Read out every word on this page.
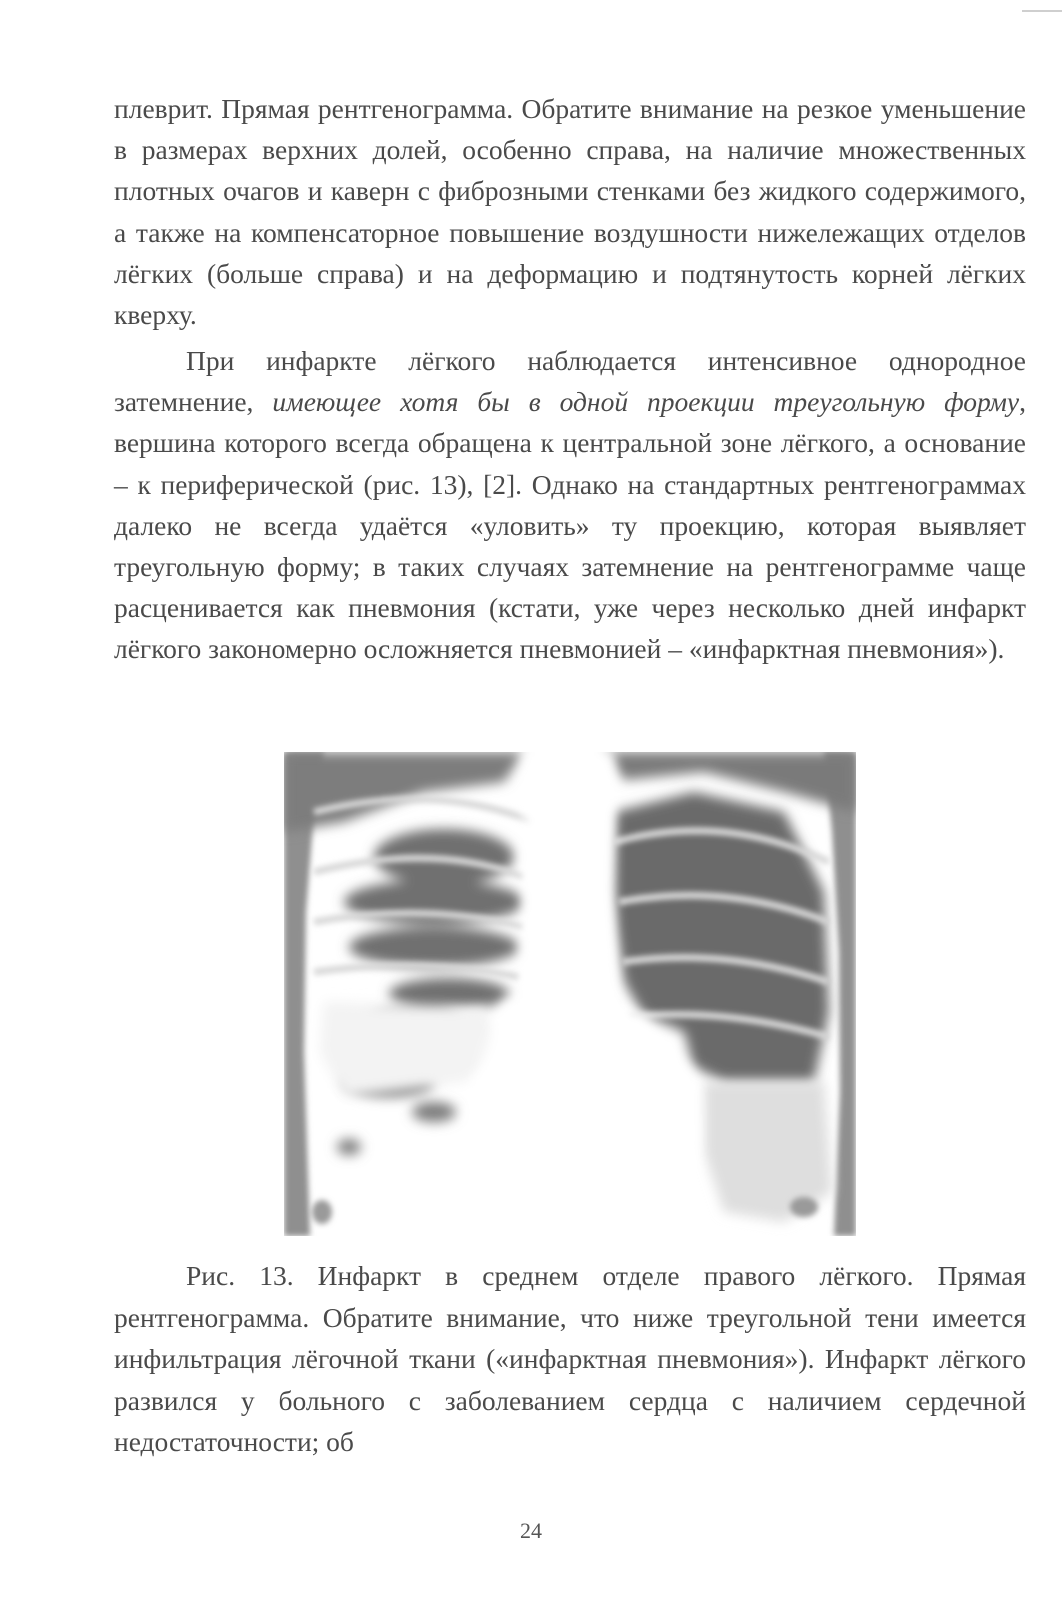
плеврит. Прямая рентгенограмма. Обратите внимание на резкое уменьшение в размерах верхних долей, особенно справа, на наличие множественных плотных очагов и каверн с фиброзными стенками без жидкого содержимого, а также на компенсаторное повышение воздушности нижележащих отделов лёгких (больше справа) и на деформацию и подтянутость корней лёгких кверху.
При инфаркте лёгкого наблюдается интенсивное однородное затемнение, имеющее хотя бы в одной проекции треугольную форму, вершина которого всегда обращена к центральной зоне лёгкого, а основание – к периферической (рис. 13), [2]. Однако на стандартных рентгенограммах далеко не всегда удаётся «уловить» ту проекцию, которая выявляет треугольную форму; в таких случаях затемнение на рентгенограмме чаще расценивается как пневмония (кстати, уже через несколько дней инфаркт лёгкого закономерно осложняется пневмонией – «инфарктная пневмония»).
Рис. 13. Инфаркт в среднем отделе правого лёгкого. Прямая рентгенограмма. Обратите внимание, что ниже треугольной тени имеется инфильтрация лёгочной ткани («инфарктная пневмония»). Инфаркт лёгкого развился у больного с заболеванием сердца с наличием сердечной недостаточности; об
24
